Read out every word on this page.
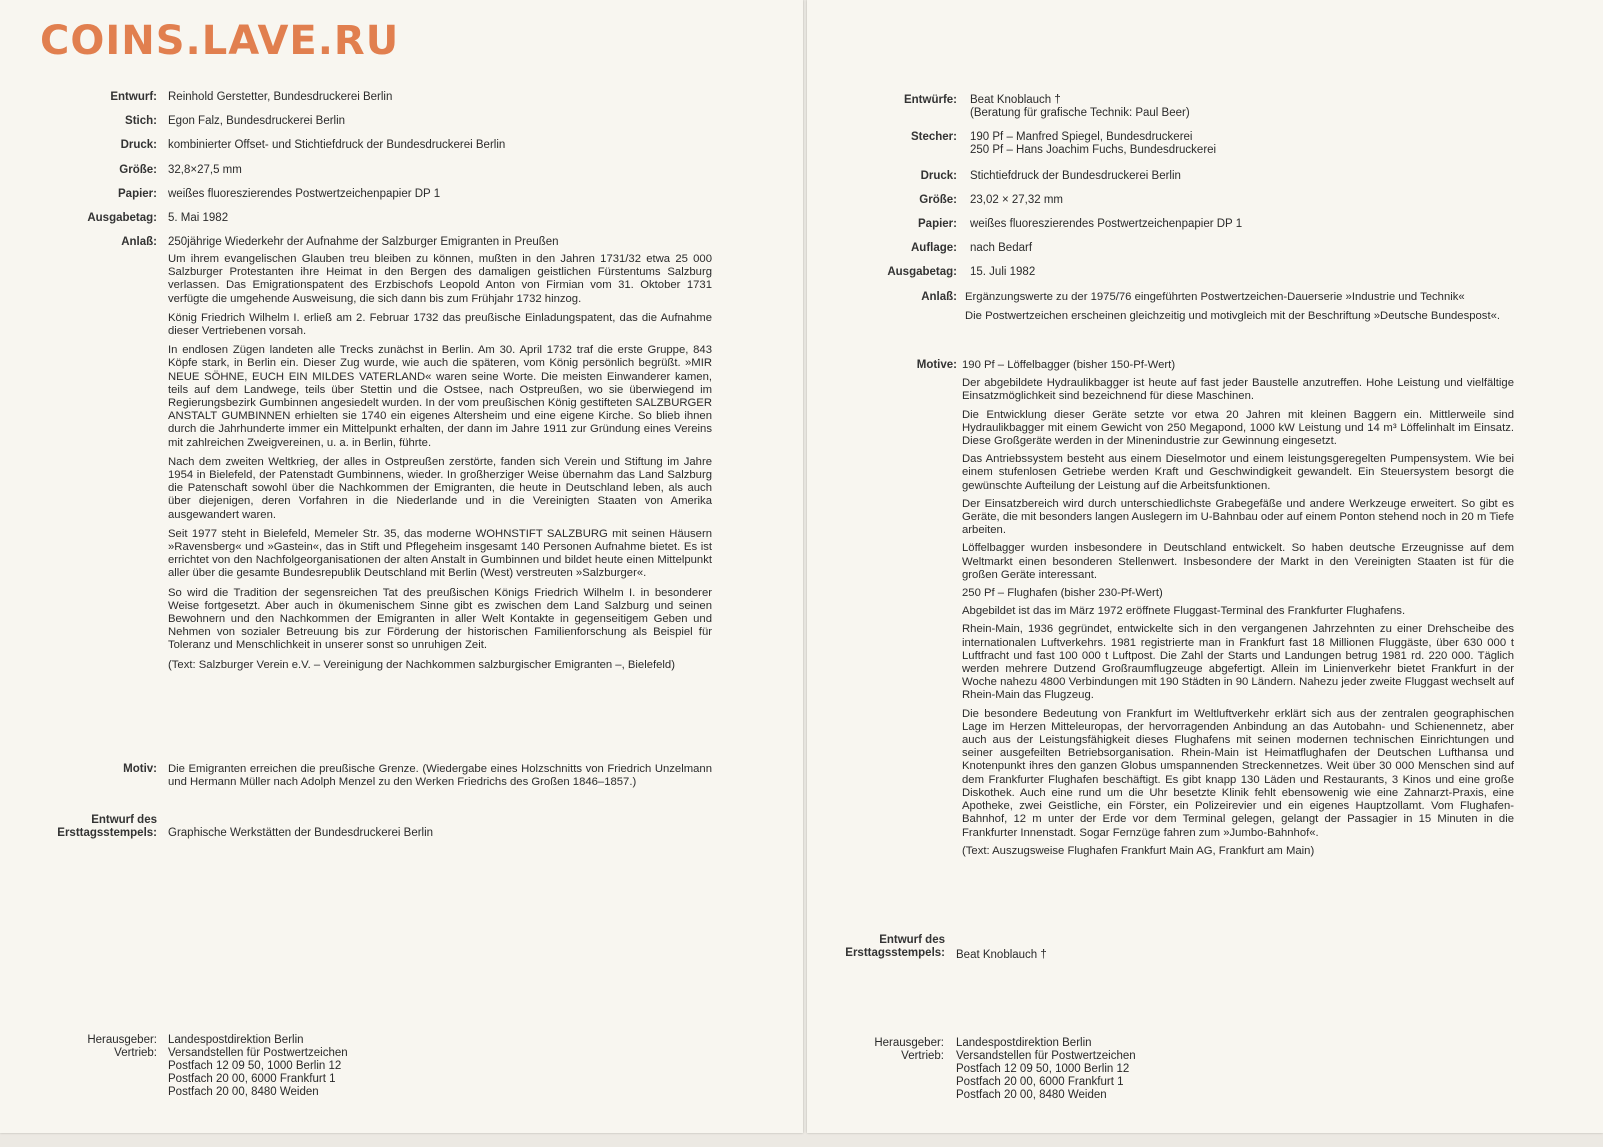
COINS.LAVE.RU
Entwurf: Reinhold Gerstetter, Bundesdruckerei Berlin
Stich: Egon Falz, Bundesdruckerei Berlin
Druck: kombinierter Offset- und Stichtiefdruck der Bundesdruckerei Berlin
Größe: 32,8×27,5 mm
Papier: weißes fluoreszierendes Postwertzeichenpapier DP 1
Ausgabetag: 5. Mai 1982
Anlaß: 250jährige Wiederkehr der Aufnahme der Salzburger Emigranten in Preußen

Um ihrem evangelischen Glauben treu bleiben zu können, mußten in den Jahren 1731/32 etwa 25 000 Salzburger Protestanten ihre Heimat in den Bergen des damaligen geistlichen Fürstentums Salzburg verlassen. Das Emigrationspatent des Erzbischofs Leopold Anton von Firmian vom 31. Oktober 1731 verfügte die umgehende Ausweisung, die sich dann bis zum Frühjahr 1732 hinzog.

König Friedrich Wilhelm I. erließ am 2. Februar 1732 das preußische Einladungspatent, das die Aufnahme dieser Vertriebenen vorsah.

In endlosen Zügen landeten alle Trecks zunächst in Berlin. Am 30. April 1732 traf die erste Gruppe, 843 Köpfe stark, in Berlin ein. Dieser Zug wurde, wie auch die späteren, vom König persönlich begrüßt. »MIR NEUE SÖHNE, EUCH EIN MILDES VATERLAND« waren seine Worte. Die meisten Einwanderer kamen, teils auf dem Landwege, teils über Stettin und die Ostsee, nach Ostpreußen, wo sie überwiegend im Regierungsbezirk Gumbinnen angesiedelt wurden. In der vom preußischen König gestifteten SALZBURGER ANSTALT GUMBINNEN erhielten sie 1740 ein eigenes Altersheim und eine eigene Kirche. So blieb ihnen durch die Jahrhunderte immer ein Mittelpunkt erhalten, der dann im Jahre 1911 zur Gründung eines Vereins mit zahlreichen Zweigvereinen, u. a. in Berlin, führte.

Nach dem zweiten Weltkrieg, der alles in Ostpreußen zerstörte, fanden sich Verein und Stiftung im Jahre 1954 in Bielefeld, der Patenstadt Gumbinnens, wieder. In großherziger Weise übernahm das Land Salzburg die Patenschaft sowohl über die Nachkommen der Emigranten, die heute in Deutschland leben, als auch über diejenigen, deren Vorfahren in die Niederlande und in die Vereinigten Staaten von Amerika ausgewandert waren.

Seit 1977 steht in Bielefeld, Memeler Str. 35, das moderne WOHNSTIFT SALZBURG mit seinen Häusern »Ravensberg« und »Gastein«, das in Stift und Pflegeheim insgesamt 140 Personen Aufnahme bietet. Es ist errichtet von den Nachfolgeorganisationen der alten Anstalt in Gumbinnen und bildet heute einen Mittelpunkt aller über die gesamte Bundesrepublik Deutschland mit Berlin (West) verstreuten »Salzburger«.

So wird die Tradition der segensreichen Tat des preußischen Königs Friedrich Wilhelm I. in besonderer Weise fortgesetzt. Aber auch in ökumenischem Sinne gibt es zwischen dem Land Salzburg und seinen Bewohnern und den Nachkommen der Emigranten in aller Welt Kontakte in gegenseitigem Geben und Nehmen von sozialer Betreuung bis zur Förderung der historischen Familienforschung als Beispiel für Toleranz und Menschlichkeit in unserer sonst so unruhigen Zeit.

(Text: Salzburger Verein e.V. – Vereinigung der Nachkommen salzburgischer Emigranten –, Bielefeld)

Motiv: Die Emigranten erreichen die preußische Grenze. (Wiedergabe eines Holzschnitts von Friedrich Unzelmann und Hermann Müller nach Adolph Menzel zu den Werken Friedrichs des Großen 1846–1857.)

Entwurf des
Ersttagsstempels: Graphische Werkstätten der Bundesdruckerei Berlin
Herausgeber:
Vertrieb:
Landespostdirektion Berlin
Versandstellen für Postwertzeichen
Postfach 12 09 50, 1000 Berlin 12
Postfach 20 00, 6000 Frankfurt 1
Postfach 20 00, 8480 Weiden
Entwürfe: Beat Knoblauch †
(Beratung für grafische Technik: Paul Beer)
Stecher: 190 Pf – Manfred Spiegel, Bundesdruckerei
250 Pf – Hans Joachim Fuchs, Bundesdruckerei
Druck: Stichtiefdruck der Bundesdruckerei Berlin
Größe: 23,02 × 27,32 mm
Papier: weißes fluoreszierendes Postwertzeichenpapier DP 1
Auflage: nach Bedarf
Ausgabetag: 15. Juli 1982
Anlaß: Ergänzungswerte zu der 1975/76 eingeführten Postwertzeichen-Dauerserie »Industrie und Technik«

Die Postwertzeichen erscheinen gleichzeitig und motivgleich mit der Beschriftung »Deutsche Bundespost«.

Motive: 190 Pf – Löffelbagger (bisher 150-Pf-Wert)

Der abgebildete Hydraulikbagger ist heute auf fast jeder Baustelle anzutreffen. Hohe Leistung und vielfältige Einsatzmöglichkeit sind bezeichnend für diese Maschinen.

Die Entwicklung dieser Geräte setzte vor etwa 20 Jahren mit kleinen Baggern ein. Mittlerweile sind Hydraulikbagger mit einem Gewicht von 250 Megapond, 1000 kW Leistung und 14 m³ Löffelinhalt im Einsatz. Diese Großgeräte werden in der Minenindustrie zur Gewinnung eingesetzt.

Das Antriebssystem besteht aus einem Dieselmotor und einem leistungsgeregelten Pumpensystem. Wie bei einem stufenlosen Getriebe werden Kraft und Geschwindigkeit gewandelt. Ein Steuersystem besorgt die gewünschte Aufteilung der Leistung auf die Arbeitsfunktionen.

Der Einsatzbereich wird durch unterschiedlichste Grabegefäße und andere Werkzeuge erweitert. So gibt es Geräte, die mit besonders langen Auslegern im U-Bahnbau oder auf einem Ponton stehend noch in 20 m Tiefe arbeiten.

Löffelbagger wurden insbesondere in Deutschland entwickelt. So haben deutsche Erzeugnisse auf dem Weltmarkt einen besonderen Stellenwert. Insbesondere der Markt in den Vereinigten Staaten ist für die großen Geräte interessant.

250 Pf – Flughafen (bisher 230-Pf-Wert)

Abgebildet ist das im März 1972 eröffnete Fluggast-Terminal des Frankfurter Flughafens.

Rhein-Main, 1936 gegründet, entwickelte sich in den vergangenen Jahrzehnten zu einer Drehscheibe des internationalen Luftverkehrs. 1981 registrierte man in Frankfurt fast 18 Millionen Fluggäste, über 630 000 t Luftfracht und fast 100 000 t Luftpost. Die Zahl der Starts und Landungen betrug 1981 rd. 220 000. Täglich werden mehrere Dutzend Großraumflugzeuge abgefertigt. Allein im Linienverkehr bietet Frankfurt in der Woche nahezu 4800 Verbindungen mit 190 Städten in 90 Ländern. Nahezu jeder zweite Fluggast wechselt auf Rhein-Main das Flugzeug.

Die besondere Bedeutung von Frankfurt im Weltluftverkehr erklärt sich aus der zentralen geographischen Lage im Herzen Mitteleuropas, der hervorragenden Anbindung an das Autobahn- und Schienennetz, aber auch aus der Leistungsfähigkeit dieses Flughafens mit seinen modernen technischen Einrichtungen und seiner ausgefeilten Betriebsorganisation. Rhein-Main ist Heimatflughafen der Deutschen Lufthansa und Knotenpunkt ihres den ganzen Globus umspannenden Streckennetzes. Weit über 30 000 Menschen sind auf dem Frankfurter Flughafen beschäftigt. Es gibt knapp 130 Läden und Restaurants, 3 Kinos und eine große Diskothek. Auch eine rund um die Uhr besetzte Klinik fehlt ebensowenig wie eine Zahnarzt-Praxis, eine Apotheke, zwei Geistliche, ein Förster, ein Polizeirevier und ein eigenes Hauptzollamt. Vom Flughafen-Bahnhof, 12 m unter der Erde vor dem Terminal gelegen, gelangt der Passagier in 15 Minuten in die Frankfurter Innenstadt. Sogar Fernzüge fahren zum »Jumbo-Bahnhof«.

(Text: Auszugsweise Flughafen Frankfurt Main AG, Frankfurt am Main)

Entwurf des
Ersttagsstempels: Beat Knoblauch †
Herausgeber:
Vertrieb:
Landespostdirektion Berlin
Versandstellen für Postwertzeichen
Postfach 12 09 50, 1000 Berlin 12
Postfach 20 00, 6000 Frankfurt 1
Postfach 20 00, 8480 Weiden
